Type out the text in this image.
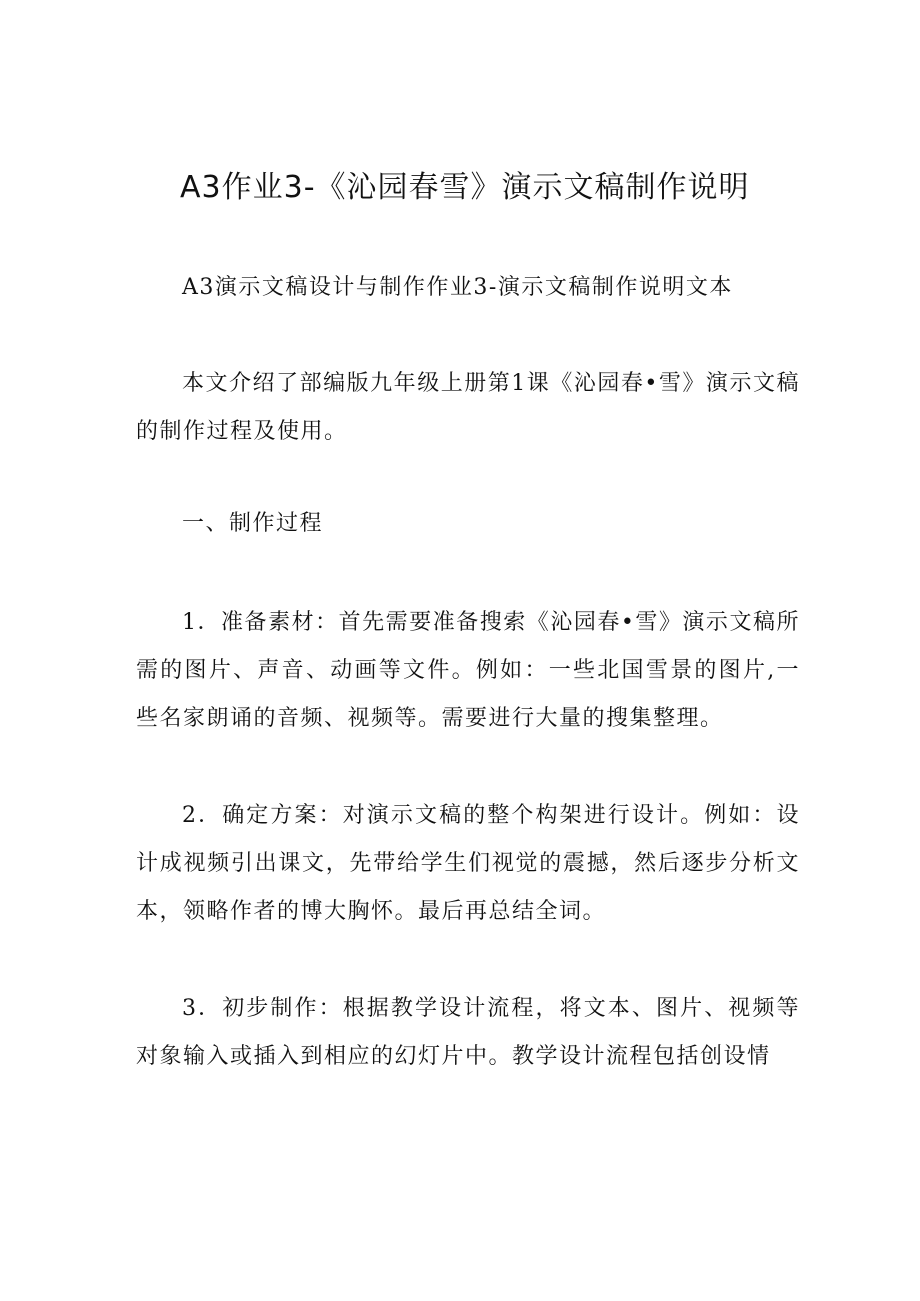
A3作业3-《沁园春雪》演示文稿制作说明

A3演示文稿设计与制作作业3-演示文稿制作说明文本

本文介绍了部编版九年级上册第1课《沁园春•雪》演示文稿的制作过程及使用。

一、制作过程

1．准备素材：首先需要准备搜索《沁园春•雪》演示文稿所需的图片、声音、动画等文件。例如：一些北国雪景的图片,一些名家朗诵的音频、视频等。需要进行大量的搜集整理。

2．确定方案：对演示文稿的整个构架进行设计。例如：设计成视频引出课文，先带给学生们视觉的震撼，然后逐步分析文本，领略作者的博大胸怀。最后再总结全词。

3．初步制作：根据教学设计流程，将文本、图片、视频等对象输入或插入到相应的幻灯片中。教学设计流程包括创设情
